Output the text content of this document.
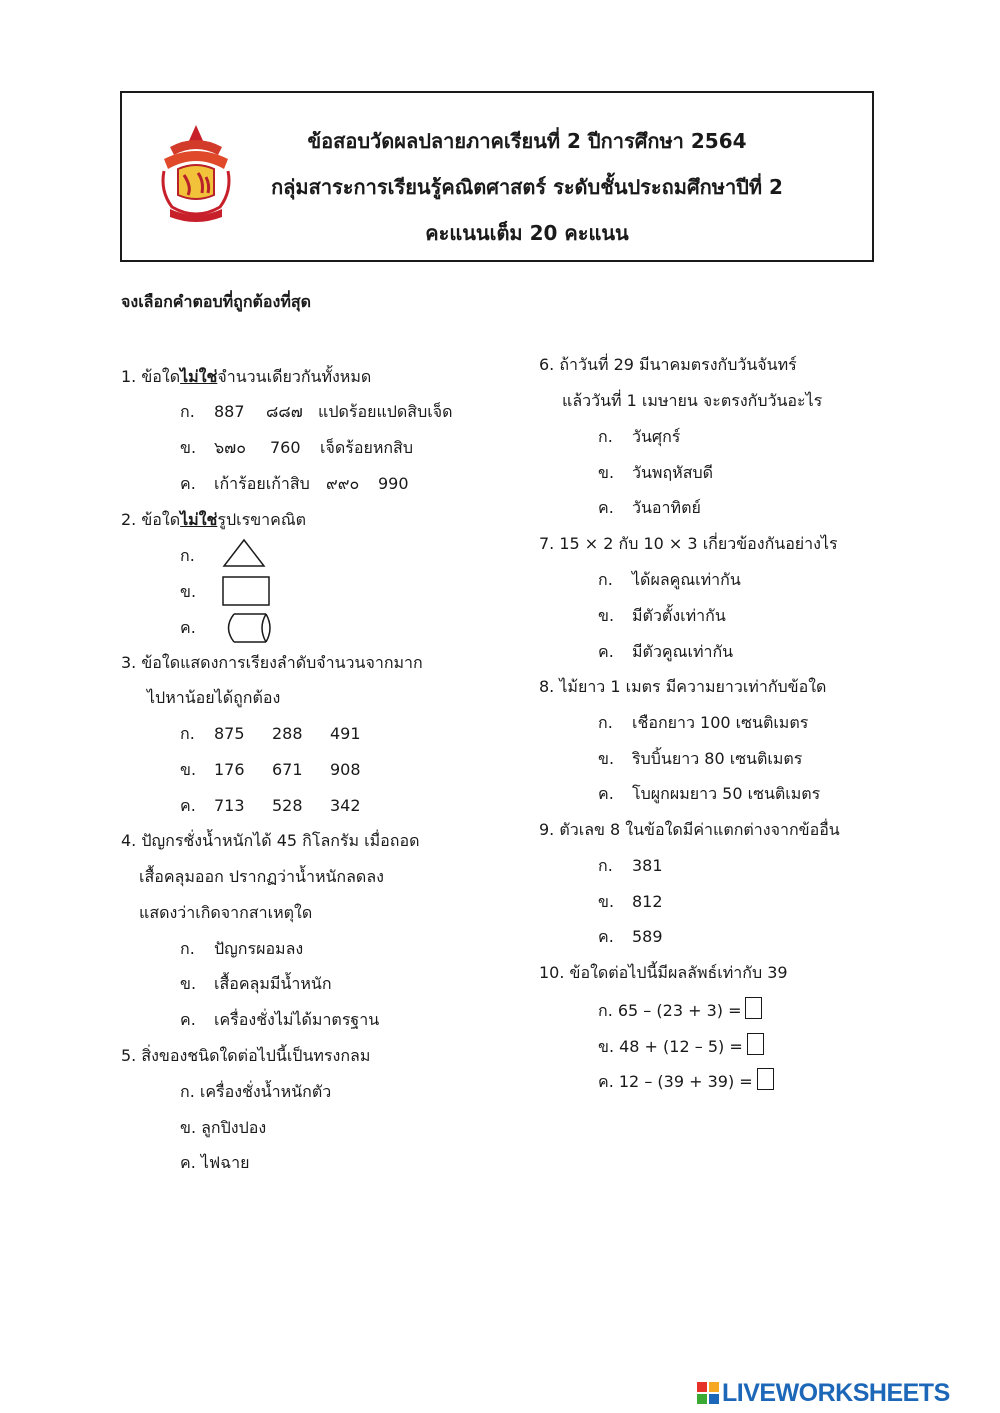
ข้อสอบวัดผลปลายภาคเรียนที่ 2 ปีการศึกษา 2564
กลุ่มสาระการเรียนรู้คณิตศาสตร์ ระดับชั้นประถมศึกษาปีที่ 2
คะแนนเต็ม 20 คะแนน
จงเลือกคำตอบที่ถูกต้องที่สุด
1. ข้อใดไม่ใช่จำนวนเดียวกันทั้งหมด
ก. 887 ๘๘๗ แปดร้อยแปดสิบเจ็ด
ข. ๖๗๐ 760 เจ็ดร้อยหกสิบ
ค. เก้าร้อยเก้าสิบ ๙๙๐ 990
2. ข้อใดไม่ใช่รูปเรขาคณิต
ก.
ข.
ค.
3. ข้อใดแสดงการเรียงลำดับจำนวนจากมาก
ไปหาน้อยได้ถูกต้อง
ก. 875 288 491
ข. 176 671 908
ค. 713 528 342
4. ปัญกรชั่งน้ำหนักได้ 45 กิโลกรัม เมื่อถอด
เสื้อคลุมออก ปรากฏว่าน้ำหนักลดลง
แสดงว่าเกิดจากสาเหตุใด
ก. ปัญกรผอมลง
ข. เสื้อคลุมมีน้ำหนัก
ค. เครื่องชั่งไม่ได้มาตรฐาน
5. สิ่งของชนิดใดต่อไปนี้เป็นทรงกลม
ก. เครื่องชั่งน้ำหนักตัว
ข. ลูกปิงปอง
ค. ไฟฉาย
6. ถ้าวันที่ 29 มีนาคมตรงกับวันจันทร์
แล้ววันที่ 1 เมษายน จะตรงกับวันอะไร
ก. วันศุกร์
ข. วันพฤหัสบดี
ค. วันอาทิตย์
7. 15 × 2 กับ 10 × 3 เกี่ยวข้องกันอย่างไร
ก. ได้ผลคูณเท่ากัน
ข. มีตัวตั้งเท่ากัน
ค. มีตัวคูณเท่ากัน
8. ไม้ยาว 1 เมตร มีความยาวเท่ากับข้อใด
ก. เชือกยาว 100 เซนติเมตร
ข. ริบบิ้นยาว 80 เซนติเมตร
ค. โบผูกผมยาว 50 เซนติเมตร
9. ตัวเลข 8 ในข้อใดมีค่าแตกต่างจากข้ออื่น
ก. 381
ข. 812
ค. 589
10. ข้อใดต่อไปนี้มีผลลัพธ์เท่ากับ 39
ก. 65 – (23 + 3) =
ข. 48 + (12 – 5) =
ค. 12 – (39 + 39) =
LIVEWORKSHEETS
